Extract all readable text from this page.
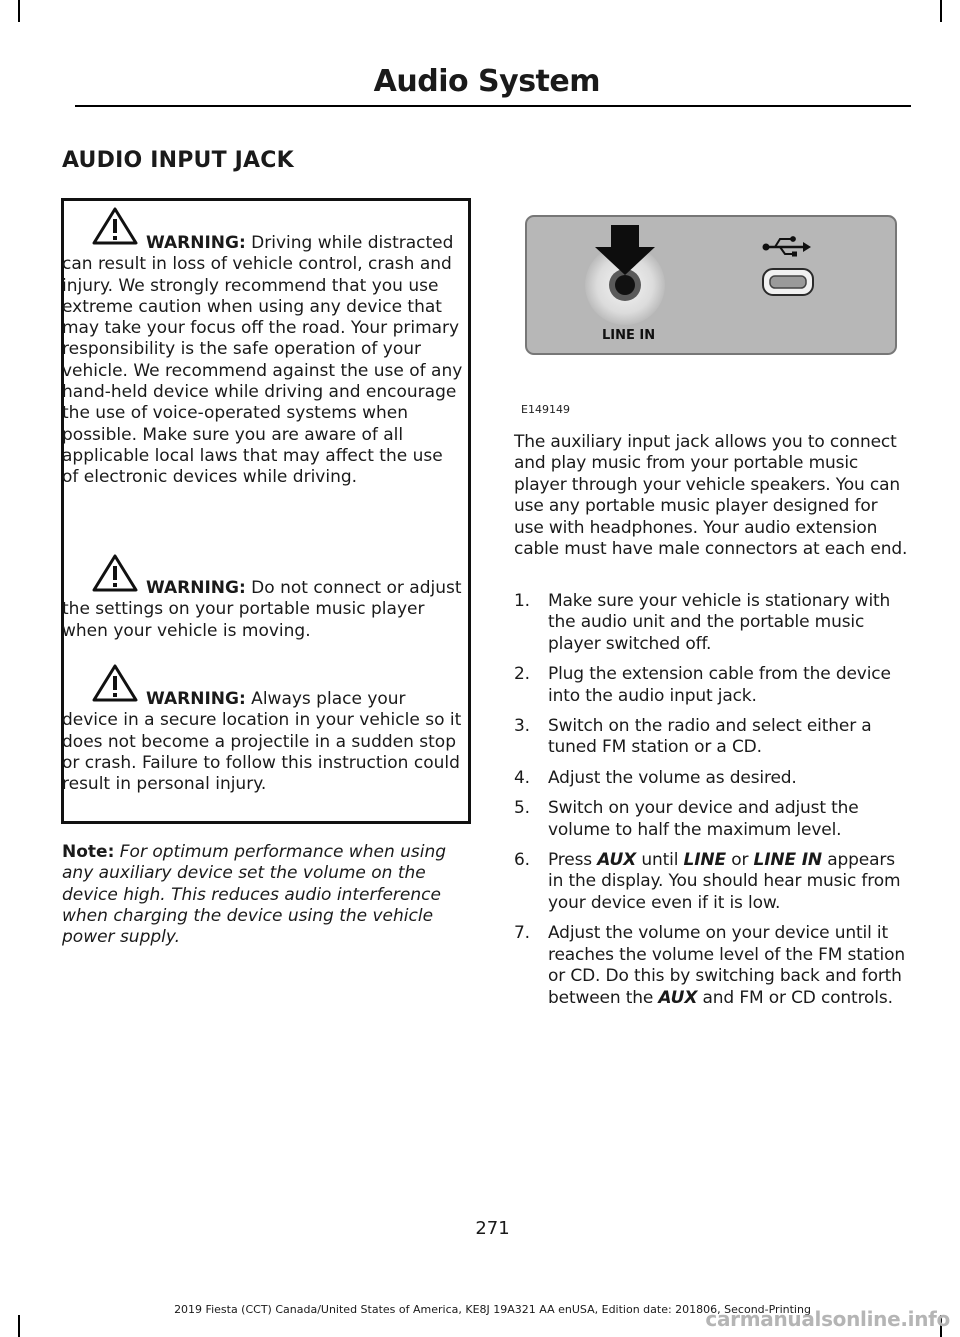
Audio System
AUDIO INPUT JACK
WARNING: Driving while distracted can result in loss of vehicle control, crash and injury. We strongly recommend that you use extreme caution when using any device that may take your focus off the road. Your primary responsibility is the safe operation of your vehicle. We recommend against the use of any hand-held device while driving and encourage the use of voice-operated systems when possible. Make sure you are aware of all applicable local laws that may affect the use of electronic devices while driving.
WARNING: Do not connect or adjust the settings on your portable music player when your vehicle is moving.
WARNING: Always place your device in a secure location in your vehicle so it does not become a projectile in a sudden stop or crash. Failure to follow this instruction could result in personal injury.

Note: For optimum performance when using any auxiliary device set the volume on the device high. This reduces audio interference when charging the device using the vehicle power supply.

LINE IN
E149149

The auxiliary input jack allows you to connect and play music from your portable music player through your vehicle speakers. You can use any portable music player designed for use with headphones. Your audio extension cable must have male connectors at each end.

1. Make sure your vehicle is stationary with the audio unit and the portable music player switched off.
2. Plug the extension cable from the device into the audio input jack.
3. Switch on the radio and select either a tuned FM station or a CD.
4. Adjust the volume as desired.
5. Switch on your device and adjust the volume to half the maximum level.
6. Press AUX until LINE or LINE IN appears in the display. You should hear music from your device even if it is low.
7. Adjust the volume on your device until it reaches the volume level of the FM station or CD. Do this by switching back and forth between the AUX and FM or CD controls.
271
2019 Fiesta (CCT) Canada/United States of America, KE8J 19A321 AA enUSA, Edition date: 201806, Second-Printing
carmanualsonline.info
